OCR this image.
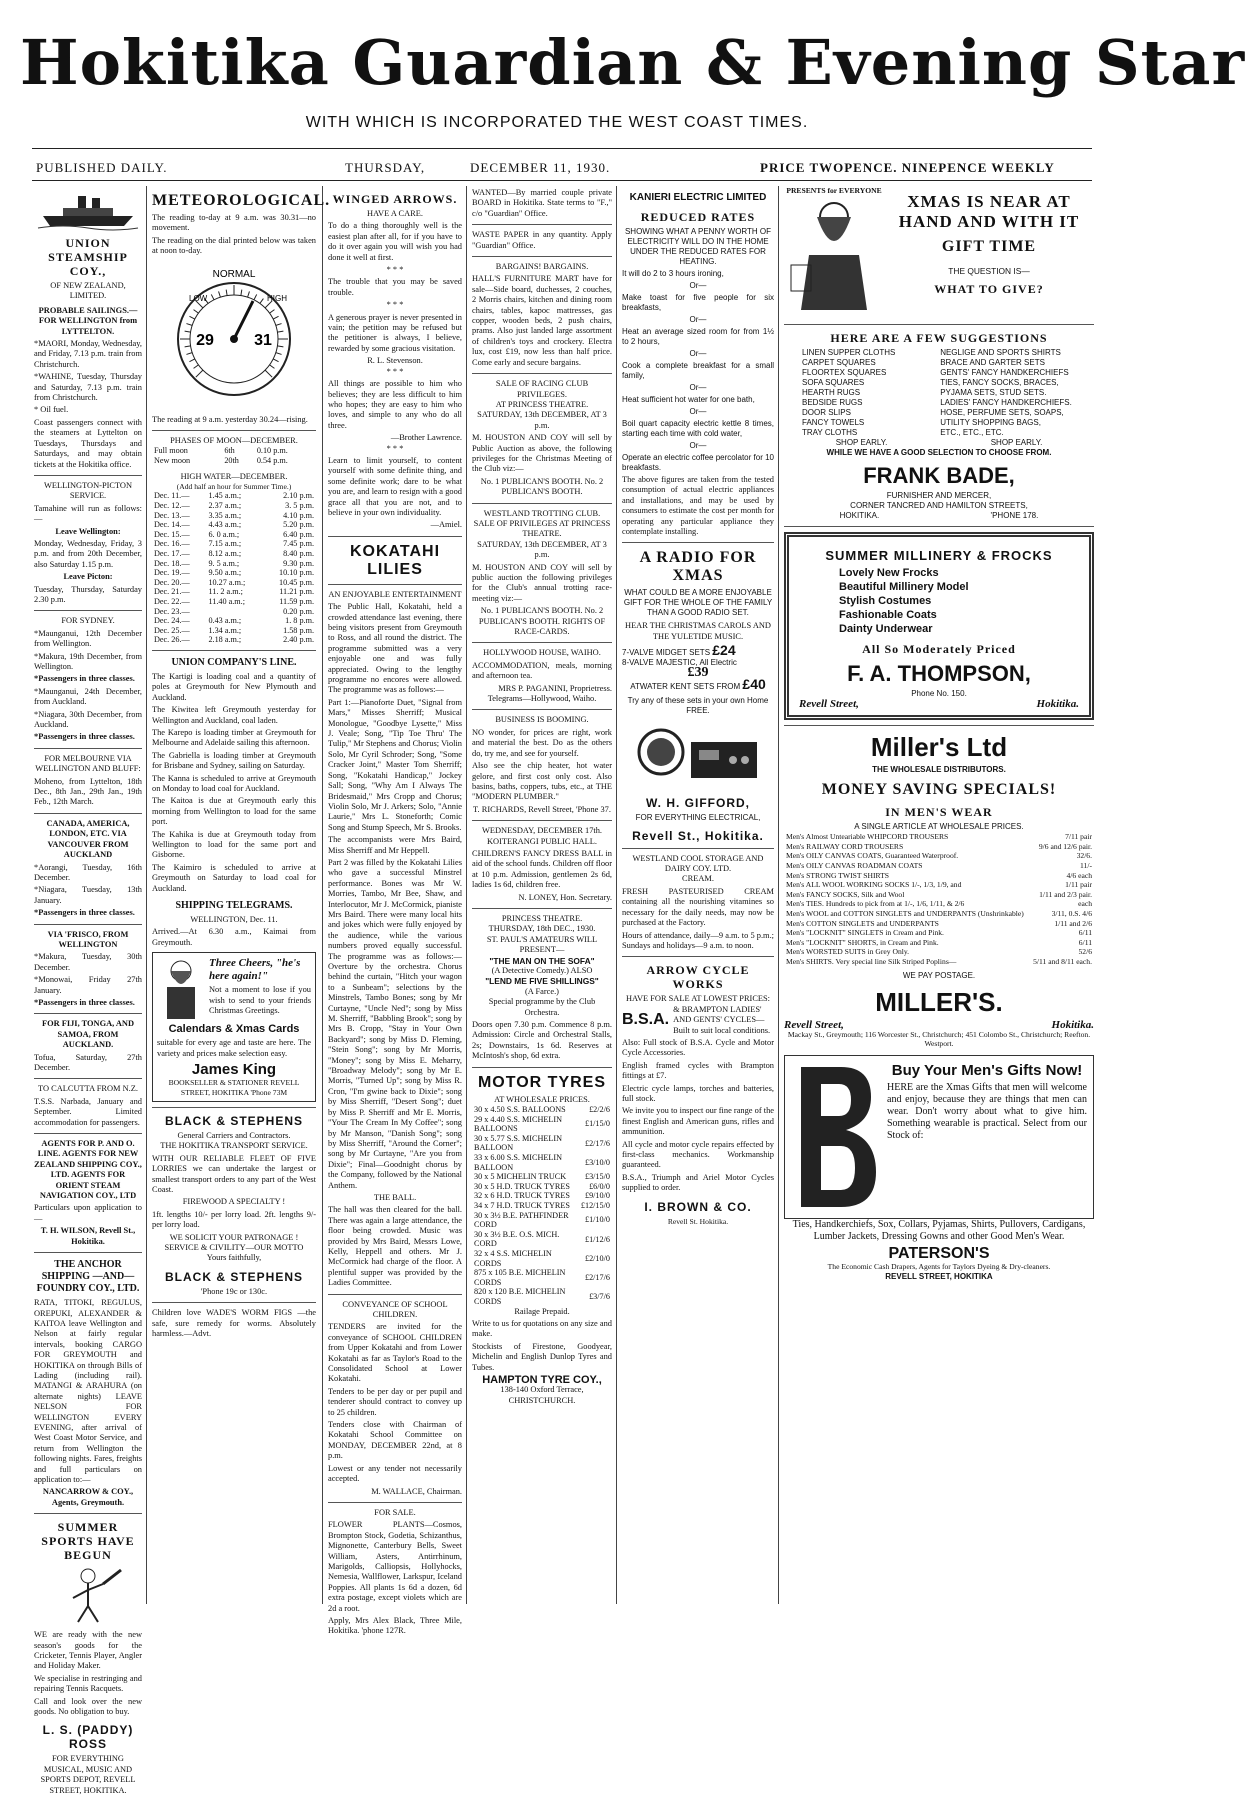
Hokitika Guardian & Evening Star
WITH WHICH IS INCORPORATED THE WEST COAST TIMES.
PUBLISHED DAILY.	THURSDAY,	DECEMBER 11, 1930.	PRICE TWOPENCE. NINEPENCE WEEKLY
UNION STEAMSHIP COY.,
OF NEW ZEALAND, LIMITED.
PROBABLE SAILINGS.— FOR WELLINGTON from LYTTELTON.

*MAORI, Monday, Wednesday, and Friday, 7.13 p.m. train from Christchurch.

*WAHINE, Tuesday, Thursday and Saturday, 7.13 p.m. train from Christchurch.

* Oil fuel.

Coast passengers connect with the steamers at Lyttelton on Tuesdays, Thursdays and Saturdays, and may obtain tickets at the Hokitika office.

WELLINGTON-PICTON SERVICE.

Tamahine will run as follows:—

Leave Wellington:

Monday, Wednesday, Friday, 3 p.m. and from 20th December, also Saturday 1.15 p.m.

Leave Picton:

Tuesday, Thursday, Saturday 2.30 p.m.

FOR SYDNEY.

*Maunganui, 12th December from Wellington.

*Makura, 19th December, from Wellington.

*Passengers in three classes.

*Maunganui, 24th December, from Auckland.

*Niagara, 30th December, from Auckland.

*Passengers in three classes.

FOR MELBOURNE VIA WELLINGTON AND BLUFF:

Moheno, from Lyttelton, 18th Dec., 8th Jan., 29th Jan., 19th Feb., 12th March.

CANADA, AMERICA, LONDON, ETC. VIA VANCOUVER FROM AUCKLAND

*Aorangi, Tuesday, 16th December.

*Niagara, Tuesday, 13th January.

*Passengers in three classes.

VIA 'FRISCO, FROM WELLINGTON

*Makura, Tuesday, 30th December.

*Monowai, Friday 27th January.

*Passengers in three classes.

FOR FIJI, TONGA, AND SAMOA, FROM AUCKLAND.

Tofua, Saturday, 27th December.

TO CALCUTTA FROM N.Z.

T.S.S. Narbada, January and September. Limited accommodation for passengers.

AGENTS FOR P. AND O. LINE. AGENTS FOR NEW ZEALAND SHIPPING COY., LTD. AGENTS FOR ORIENT STEAM NAVIGATION COY., LTD

Particulars upon application to—

T. H. WILSON, Revell St., Hokitika.
THE ANCHOR SHIPPING —AND— FOUNDRY COY., LTD.

RATA, TITOKI, REGULUS, OREPUKI, ALEXANDER & KAITOA leave Wellington and Nelson at fairly regular intervals, booking CARGO FOR GREYMOUTH and HOKITIKA on through Bills of Lading (including rail). MATANGI & ARAHURA (on alternate nights) LEAVE NELSON FOR WELLINGTON EVERY EVENING, after arrival of West Coast Motor Service, and return from Wellington the following nights. Fares, freights and full particulars on application to:—

NANCARROW & COY., Agents, Greymouth.
SUMMER SPORTS HAVE BEGUN

WE are ready with the new season's goods for the Cricketer, Tennis Player, Angler and Holiday Maker.

We specialise in restringing and repairing Tennis Racquets.

Call and look over the new goods. No obligation to buy.

L. S. (PADDY) ROSS
FOR EVERYTHING MUSICAL, MUSIC AND SPORTS DEPOT, REVELL STREET, HOKITIKA.
METEOROLOGICAL.

The reading to-day at 9 a.m. was 30.31—no movement.

The reading on the dial printed below was taken at noon to-day.

NORMAL
29	31
LOW	HIGH

The reading at 9 a.m. yesterday 30.24—rising.

PHASES OF MOON—DECEMBER.
Full moon	6th	0.10 p.m.
New moon	20th	0.54 p.m.
HIGH WATER—DECEMBER.
(Add half an hour for Summer Time.)
Dec. 11.—	1.45 a.m.;	2.10 p.m.
Dec. 12.—	2.37 a.m.;	3. 5 p.m.
Dec. 13.—	3.35 a.m.;	4.10 p.m.
Dec. 14.—	4.43 a.m.;	5.20 p.m.
Dec. 15.—	6. 0 a.m.;	6.40 p.m.
Dec. 16.—	7.15 a.m.;	7.45 p.m.
Dec. 17.—	8.12 a.m.;	8.40 p.m.
Dec. 18.—	9. 5 a.m.;	9.30 p.m.
Dec. 19.—	9.50 a.m.;	10.10 p.m.
Dec. 20.—	10.27 a.m.;	10.45 p.m.
Dec. 21.—	11. 2 a.m.;	11.21 p.m.
Dec. 22.—	11.40 a.m.;	11.59 p.m.
Dec. 23.—		0.20 p.m.
Dec. 24.—	0.43 a.m.;	1. 8 p.m.
Dec. 25.—	1.34 a.m.;	1.58 p.m.
Dec. 26.—	2.18 a.m.;	2.40 p.m.
UNION COMPANY'S LINE.

The Kartigi is loading coal and a quantity of poles at Greymouth for New Plymouth and Auckland.

The Kiwitea left Greymouth yesterday for Wellington and Auckland, coal laden.

The Karepo is loading timber at Greymouth for Melbourne and Adelaide sailing this afternoon.

The Gabriella is loading timber at Greymouth for Brisbane and Sydney, sailing on Saturday.

The Kanna is scheduled to arrive at Greymouth on Monday to load coal for Auckland.

The Kaitoa is due at Greymouth early this morning from Wellington to load for the same port.

The Kahika is due at Greymouth today from Wellington to load for the same port and Gisborne.

The Kaimiro is scheduled to arrive at Greymouth on Saturday to load coal for Auckland.

SHIPPING TELEGRAMS.
WELLINGTON, Dec. 11.

Arrived.—At 6.30 a.m., Kaimai from Greymouth.

Three Cheers, "he's here again!"

Not a moment to lose if you wish to send to your friends Christmas Greetings.

Calendars & Xmas Cards

suitable for every age and taste are here. The variety and prices make selection easy.

James King
BOOKSELLER & STATIONER REVELL STREET, HOKITIKA 'Phone 73M
BLACK & STEPHENS
General Carriers and Contractors.
THE HOKITIKA TRANSPORT SERVICE.

WITH OUR RELIABLE FLEET OF FIVE LORRIES we can undertake the largest or smallest transport orders to any part of the West Coast.

FIREWOOD A SPECIALTY !

1ft. lengths 10/- per lorry load. 2ft. lengths 9/- per lorry load.

WE SOLICIT YOUR PATRONAGE ! SERVICE & CIVILITY—OUR MOTTO
Yours faithfully,
BLACK & STEPHENS
'Phone 19c or 130c.

Children love WADE'S WORM FIGS —the safe, sure remedy for worms. Absolutely harmless.—Advt.

WINGED ARROWS.
HAVE A CARE.

To do a thing thoroughly well is the easiest plan after all, for if you have to do it over again you will wish you had done it well at first.

* * *

The trouble that you may be saved trouble.

* * *

A generous prayer is never presented in vain; the petition may be refused but the petitioner is always, I believe, rewarded by some gracious visitation.

R. L. Stevenson.
* * *

All things are possible to him who believes; they are less difficult to him who hopes; they are easy to him who loves, and simple to any who do all three.

—Brother Lawrence.
* * *

Learn to limit yourself, to content yourself with some definite thing, and some definite work; dare to be what you are, and learn to resign with a good grace all that you are not, and to believe in your own individuality.

—Amiel.
KOKATAHI LILIES
AN ENJOYABLE ENTERTAINMENT

The Public Hall, Kokatahi, held a crowded attendance last evening, there being visitors present from Greymouth to Ross, and all round the district. The programme submitted was a very enjoyable one and was fully appreciated. Owing to the lengthy programme no encores were allowed. The programme was as follows:—

Part 1:—Pianoforte Duet, "Signal from Mars," Misses Sherriff; Musical Monologue, "Goodbye Lysette," Miss J. Veale; Song, "Tip Toe Thru' The Tulip," Mr Stephens and Chorus; Violin Solo, Mr Cyril Schroder; Song, "Some Cracker Joint," Master Tom Sherriff; Song, "Kokatahi Handicap," Jockey Sall; Song, "Why Am I Always The Bridesmaid," Mrs Cropp and Chorus; Violin Solo, Mr J. Arkers; Solo, "Annie Laurie," Mrs L. Stoneforth; Comic Song and Stump Speech, Mr S. Brooks.

The accompanists were Mrs Baird, Miss Sherriff and Mr Heppell.

Part 2 was filled by the Kokatahi Lilies who gave a successful Minstrel performance. Bones was Mr W. Morries, Tambo, Mr Bee, Shaw, and Interlocutor, Mr J. McCormick, pianiste Mrs Baird. There were many local hits and jokes which were fully enjoyed by the audience, while the various numbers proved equally successful. The programme was as follows:—Overture by the orchestra. Chorus behind the curtain, "Hitch your wagon to a Sunbeam"; selections by the Minstrels, Tambo Bones; song by Mr Curtayne, "Uncle Ned"; song by Miss M. Sherriff, "Babbling Brook"; song by Mrs B. Cropp, "Stay in Your Own Backyard"; song by Miss D. Fleming, "Stein Song"; song by Mr Morris, "Money"; song by Miss E. Meharry, "Broadway Melody"; song by Mr E. Morris, "Turned Up"; song by Miss R. Cron, "I'm gwine back to Dixie"; song by Miss Sherriff, "Desert Song"; duet by Miss P. Sherriff and Mr E. Morris, "Your The Cream In My Coffee"; song by Mr Manson, "Danish Song"; song by Miss Sherriff, "Around the Corner"; song by Mr Curtayne, "Are you from Dixie"; Final—Goodnight chorus by the Company, followed by the National Anthem.

THE BALL.

The hall was then cleared for the ball. There was again a large attendance, the floor being crowded. Music was provided by Mrs Baird, Messrs Lowe, Kelly, Heppell and others. Mr J. McCormick had charge of the floor. A plentiful supper was provided by the Ladies Committee.

CONVEYANCE OF SCHOOL CHILDREN.

TENDERS are invited for the conveyance of SCHOOL CHILDREN from Upper Kokatahi and from Lower Kokatahi as far as Taylor's Road to the Consolidated School at Lower Kokatahi.

Tenders to be per day or per pupil and tenderer should contract to convey up to 25 children.

Tenders close with Chairman of Kokatahi School Committee on MONDAY, DECEMBER 22nd, at 8 p.m.

Lowest or any tender not necessarily accepted.

M. WALLACE, Chairman.
FOR SALE.

FLOWER PLANTS—Cosmos, Brompton Stock, Godetia, Schizanthus, Mignonette, Canterbury Bells, Sweet William, Asters, Antirrhinum, Marigolds, Calliopsis, Hollyhocks, Nemesia, Wallflower, Larkspur, Iceland Poppies. All plants 1s 6d a dozen, 6d extra postage, except violets which are 2d a root.

Apply, Mrs Alex Black, Three Mile, Hokitika. 'phone 127R.

WANTED—By married couple private BOARD in Hokitika. State terms to "F.," c/o "Guardian" Office.

WASTE PAPER in any quantity. Apply "Guardian" Office.

BARGAINS! BARGAINS.

HALL'S FURNITURE MART have for sale—Side board, duchesses, 2 couches, 2 Morris chairs, kitchen and dining room chairs, tables, kapoc mattresses, gas copper, wooden beds, 2 push chairs, prams. Also just landed large assortment of children's toys and crockery. Electra lux, cost £19, now less than half price. Come early and secure bargains.

SALE OF RACING CLUB PRIVILEGES.
AT PRINCESS THEATRE.
SATURDAY, 13th DECEMBER, AT 3 p.m.

M. HOUSTON AND COY will sell by Public Auction as above, the following privileges for the Christmas Meeting of the Club viz:—

No. 1 PUBLICAN'S BOOTH. No. 2 PUBLICAN'S BOOTH.
WESTLAND TROTTING CLUB.
SALE OF PRIVILEGES AT PRINCESS THEATRE.
SATURDAY, 13th DECEMBER, AT 3 p.m.

M. HOUSTON AND COY will sell by public auction the following privileges for the Club's annual trotting race-meeting viz:—

No. 1 PUBLICAN'S BOOTH. No. 2 PUBLICAN'S BOOTH. RIGHTS OF RACE-CARDS.
HOLLYWOOD HOUSE, WAIHO.

ACCOMMODATION, meals, morning and afternoon tea.

MRS P. PAGANINI, Proprietress.
Telegrams—Hollywood, Waiho.
BUSINESS IS BOOMING.

NO wonder, for prices are right, work and material the best. Do as the others do, try me, and see for yourself.

Also see the chip heater, hot water gelore, and first cost only cost. Also basins, baths, coppers, tubs, etc., at THE "MODERN PLUMBER."

T. RICHARDS, Revell Street, 'Phone 37.
WEDNESDAY, DECEMBER 17th.
KOITERANGI PUBLIC HALL.

CHILDREN'S FANCY DRESS BALL in aid of the school funds. Children off floor at 10 p.m. Admission, gentlemen 2s 6d, ladies 1s 6d, children free.

N. LONEY, Hon. Secretary.
PRINCESS THEATRE.
THURSDAY, 18th DEC., 1930.
ST. PAUL'S AMATEURS WILL PRESENT—
"THE MAN ON THE SOFA"
(A Detective Comedy.) ALSO
"LEND ME FIVE SHILLINGS"
(A Farce.)
Special programme by the Club Orchestra.

Doors open 7.30 p.m. Commence 8 p.m. Admission: Circle and Orchestral Stalls, 2s; Downstairs, 1s 6d. Reserves at McIntosh's shop, 6d extra.

MOTOR TYRES
AT WHOLESALE PRICES.
30 x 4.50 S.S. BALLOONS	£2/2/6
29 x 4.40 S.S. MICHELIN BALLOONS	£1/15/0
30 x 5.77 S.S. MICHELIN BALLOON	£2/17/6
33 x 6.00 S.S. MICHELIN BALLOON	£3/10/0
30 x 5 MICHELIN TRUCK	£3/15/0
30 x 5 H.D. TRUCK TYRES	£6/0/0
32 x 6 H.D. TRUCK TYRES	£9/10/0
34 x 7 H.D. TRUCK TYRES	£12/15/0
30 x 3½ B.E. PATHFINDER CORD	£1/10/0
30 x 3½ B.E. O.S. MICH. CORD	£1/12/6
32 x 4 S.S. MICHELIN CORDS	£2/10/0
875 x 105 B.E. MICHELIN CORDS	£2/17/6
820 x 120 B.E. MICHELIN CORDS	£3/7/6
Railage Prepaid.

Write to us for quotations on any size and make.

Stockists of Firestone, Goodyear, Michelin and English Dunlop Tyres and Tubes.

HAMPTON TYRE COY.,
138-140 Oxford Terrace, CHRISTCHURCH.
KANIERI ELECTRIC LIMITED
REDUCED RATES
SHOWING WHAT A PENNY WORTH OF ELECTRICITY WILL DO IN THE HOME UNDER THE REDUCED RATES FOR HEATING.

It will do 2 to 3 hours ironing,

Or—

Make toast for five people for six breakfasts,

Or—

Heat an average sized room for from 1½ to 2 hours,

Or—

Cook a complete breakfast for a small family,

Or—

Heat sufficient hot water for one bath,

Or—

Boil quart capacity electric kettle 8 times, starting each time with cold water,

Or—

Operate an electric coffee percolator for 10 breakfasts.

The above figures are taken from the tested consumption of actual electric appliances and installations, and may be used by consumers to estimate the cost per month for operating any particular appliance they contemplate installing.

A RADIO FOR XMAS
WHAT COULD BE A MORE ENJOYABLE GIFT FOR THE WHOLE OF THE FAMILY THAN A GOOD RADIO SET.
HEAR THE CHRISTMAS CAROLS AND THE YULETIDE MUSIC.
7-VALVE MIDGET SETS £24
8-VALVE MAJESTIC, All Electric
£39
ATWATER KENT SETS FROM £40
Try any of these sets in your own Home FREE.
W. H. GIFFORD,
FOR EVERYTHING ELECTRICAL,
Revell St., Hokitika.
WESTLAND COOL STORAGE AND DAIRY COY. LTD.
CREAM.

FRESH PASTEURISED CREAM containing all the nourishing vitamines so necessary for the daily needs, may now be purchased at the Factory.

Hours of attendance, daily—9 a.m. to 5 p.m.; Sundays and holidays—9 a.m. to noon.

ARROW CYCLE WORKS
HAVE FOR SALE AT LOWEST PRICES:
B.S.A.
& BRAMPTON LADIES' AND GENTS' CYCLES—Built to suit local conditions.

Also: Full stock of B.S.A. Cycle and Motor Cycle Accessories.

English framed cycles with Brampton fittings at £7.

Electric cycle lamps, torches and batteries, full stock.

We invite you to inspect our fine range of the finest English and American guns, rifles and ammunition.

All cycle and motor cycle repairs effected by first-class mechanics. Workmanship guaranteed.

B.S.A., Triumph and Ariel Motor Cycles supplied to order.

I. BROWN & CO.
Revell St. Hokitika.
PRESENTS for EVERYONE
XMAS IS NEAR AT HAND AND WITH IT
GIFT TIME
THE QUESTION IS—
WHAT TO GIVE?
HERE ARE A FEW SUGGESTIONS
LINEN SUPPER CLOTHS
CARPET SQUARES
FLOORTEX SQUARES
SOFA SQUARES
HEARTH RUGS
BEDSIDE RUGS
DOOR SLIPS
FANCY TOWELS
TRAY CLOTHS
NEGLIGE AND SPORTS SHIRTS
BRACE AND GARTER SETS
GENTS' FANCY HANDKERCHIEFS
TIES, FANCY SOCKS, BRACES,
PYJAMA SETS, STUD SETS.
LADIES' FANCY HANDKERCHIEFS.
HOSE, PERFUME SETS, SOAPS,
UTILITY SHOPPING BAGS,
ETC., ETC., ETC.
SHOP EARLY.	SHOP EARLY.
WHILE WE HAVE A GOOD SELECTION TO CHOOSE FROM.
FRANK BADE,
FURNISHER AND MERCER,
CORNER TANCRED AND HAMILTON STREETS,
HOKITIKA.	'PHONE 178.
SUMMER MILLINERY & FROCKS
Lovely New Frocks
Beautiful Millinery Model
Stylish Costumes
Fashionable Coats
Dainty Underwear
All So Moderately Priced
F. A. THOMPSON,
Phone No. 150.
Revell Street,	Hokitika.
Miller's Ltd
THE WHOLESALE DISTRIBUTORS.
MONEY SAVING SPECIALS!
IN MEN'S WEAR
A SINGLE ARTICLE AT WHOLESALE PRICES.
Men's Almost Unteariable WHIPCORD TROUSERS	7/11 pair
Men's RAILWAY CORD TROUSERS	9/6 and 12/6 pair.
Men's OILY CANVAS COATS, Guaranteed Waterproof.	32/6.
Men's OILY CANVAS ROADMAN COATS	11/-
Men's STRONG TWIST SHIRTS	4/6 each
Men's ALL WOOL WORKING SOCKS 1/-, 1/3, 1/9, and	1/11 pair
Men's FANCY SOCKS, Silk and Wool	1/11 and 2/3 pair.
Men's TIES. Hundreds to pick from at 1/-, 1/6, 1/11, & 2/6	each
Men's WOOL and COTTON SINGLETS and UNDERPANTS (Unshrinkable)	3/11, 0.S. 4/6
Men's COTTON SINGLETS and UNDERPANTS	1/11 and 2/6
Men's "LOCKNIT" SINGLETS in Cream and Pink.	6/11
Men's "LOCKNIT" SHORTS, in Cream and Pink.	6/11
Men's WORSTED SUITS in Grey Only.	52/6
Men's SHIRTS. Very special line Silk Striped Poplins—	5/11 and 8/11 each.
WE PAY POSTAGE.
MILLER'S.
Revell Street,	Hokitika.
Mackay St., Greymouth; 116 Worcester St., Christchurch; 451 Colombo St., Christchurch; Reefton. Westport.
Buy Your Men's Gifts Now!

HERE are the Xmas Gifts that men will welcome and enjoy, because they are things that men can wear. Don't worry about what to give him. Something wearable is practical. Select from our Stock of:

Ties, Handkerchiefs, Sox, Collars, Pyjamas, Shirts, Pullovers, Cardigans, Lumber Jackets, Dressing Gowns and other Good Men's Wear.
PATERSON'S
The Economic Cash Drapers, Agents for Taylors Dyeing & Dry-cleaners.
REVELL STREET, HOKITIKA
